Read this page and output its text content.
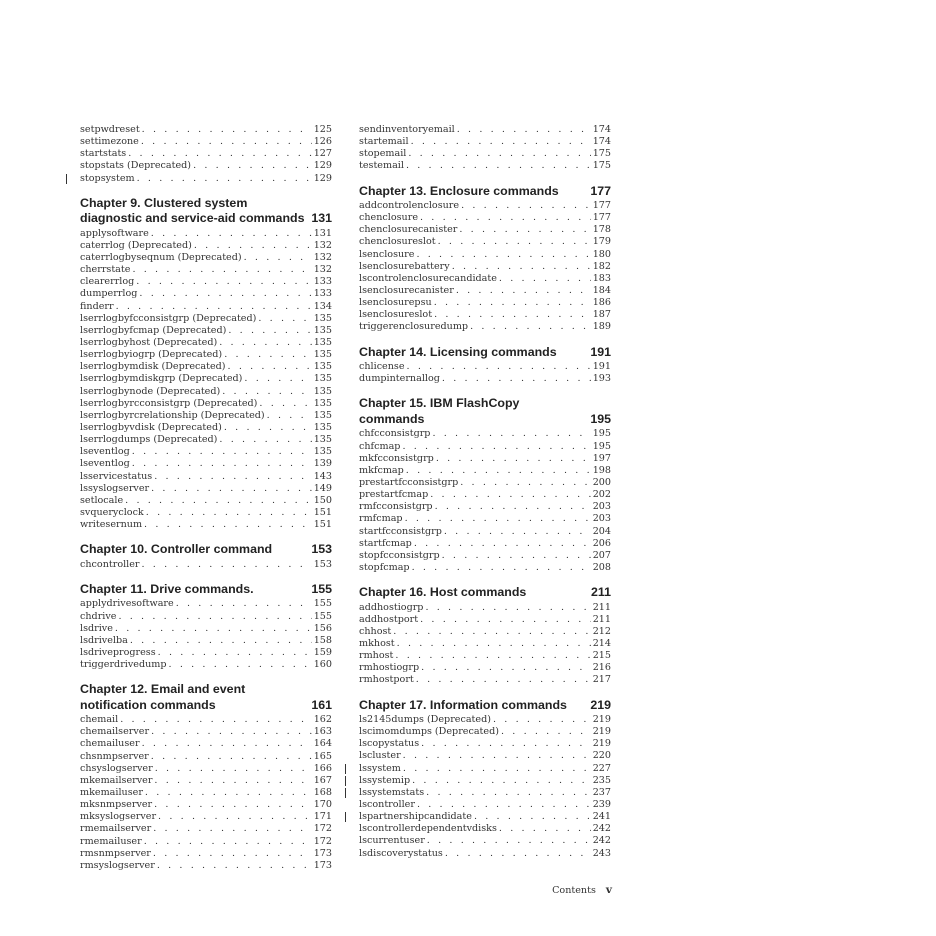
setpwdreset . . .	125
settimezone . . .	126
startstats . . .	127
stopstats (Deprecated) . . .	129
stopsystem . . .	129
Chapter 9. Clustered system diagnostic and service-aid commands 131
applysoftware . . .	131
caterrlog (Deprecated) . . .	132
caterrlogbyseqnum (Deprecated) . . .	132
cherrstate . . .	132
clearerrlog . . .	133
dumperrlog . . .	133
finderr . . .	134
lserrlogbyfcconsistgrp (Deprecated) . . .	135
lserrlogbyfcmap (Deprecated) . . .	135
lserrlogbyhost (Deprecated) . . .	135
lserrlogbyiogrp (Deprecated) . . .	135
lserrlogbymdisk (Deprecated) . . .	135
lserrlogbymdiskgrp (Deprecated) . . .	135
lserrlogbynode (Deprecated) . . .	135
lserrlogbyrcconsistgrp (Deprecated) . . .	135
lserrlogbyrcrelationship (Deprecated) . . .	135
lserrlogbyvdisk (Deprecated) . . .	135
lserrlogdumps (Deprecated) . . .	135
lseventlog . . .	135
lseventlog . . .	139
lsservicestatus . . .	143
lssyslogserver . . .	149
setlocale . . .	150
svqueryclock . . .	151
writesernum . . .	151
Chapter 10. Controller command	153
chcontroller . . .	153
Chapter 11. Drive commands.	155
applydrivesoftware . . .	155
chdrive . . .	155
lsdrive . . .	156
lsdrivelba . . .	158
lsdriveprogress . . .	159
triggerdrivedump . . .	160
Chapter 12. Email and event notification commands	161
chemail . . .	162
chemailserver . . .	163
chemailuser . . .	164
chsnmpserver . . .	165
chsyslogserver . . .	166
mkemailserver . . .	167
mkemailuser . . .	168
mksnmpserver . . .	170
mksyslogserver . . .	171
rmemailserver . . .	172
rmemailuser . . .	172
rmsnmpserver . . .	173
rmsyslogserver . . .	173
sendinventoryemail . . .	174
startemail . . .	174
stopemail . . .	175
testemail . . .	175
Chapter 13. Enclosure commands	177
addcontrolenclosure . . .	177
chenclosure . . .	177
chenclosurecanister . . .	178
chenclosureslot . . .	179
lsenclosure . . .	180
lsenclosurebattery . . .	182
lscontrolenclosurecandidate . . .	183
lsenclosurecanister . . .	184
lsenclosurepsu . . .	186
lsenclosureslot . . .	187
triggerenclosuredump . . .	189
Chapter 14. Licensing commands	191
chlicense . . .	191
dumpinternallog . . .	193
Chapter 15. IBM FlashCopy commands	195
chfcconsistgrp . . .	195
chfcmap . . .	195
mkfcconsistgrp . . .	197
mkfcmap . . .	198
prestartfcconsistgrp . . .	200
prestartfcmap . . .	202
rmfcconsistgrp . . .	203
rmfcmap . . .	203
startfcconsistgrp . . .	204
startfcmap . . .	206
stopfcconsistgrp . . .	207
stopfcmap . . .	208
Chapter 16. Host commands	211
addhostiogrp . . .	211
addhostport . . .	211
chhost . . .	212
mkhost . . .	214
rmhost . . .	215
rmhostiogrp . . .	216
rmhostport . . .	217
Chapter 17. Information commands	219
ls2145dumps (Deprecated) . . .	219
lscimomdumps (Deprecated) . . .	219
lscopystatus . . .	219
lscluster . . .	220
lssystem . . .	227
lssystemip . . .	235
lssystemstats . . .	237
lscontroller . . .	239
lspartnershipcandidate . . .	241
lscontrollerdependentvdisks . . .	242
lscurrentuser . . .	242
lsdiscoverystatus . . .	243
Contents v
